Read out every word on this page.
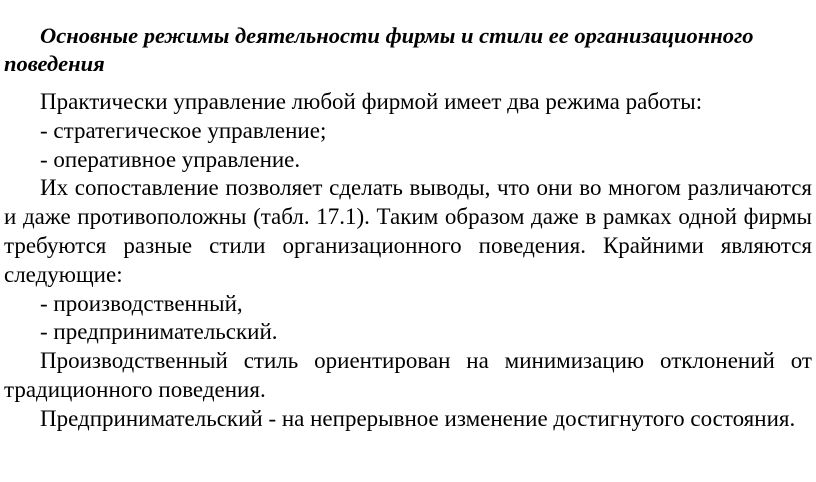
Основные режимы деятельности фирмы и стили ее организационного поведения

Практически управление любой фирмой имеет два режима работы:

- стратегическое управление;

- оперативное управление.

Их сопоставление позволяет сделать выводы, что они во многом различаются и даже противоположны (табл. 17.1). Таким образом даже в рамках одной фирмы требуются разные стили организационного поведения. Крайними являются следующие:

- производственный,

- предпринимательский.

Производственный стиль ориентирован на минимизацию отклонений от традиционного поведения.

Предпринимательский - на непрерывное изменение достигнутого состояния.
